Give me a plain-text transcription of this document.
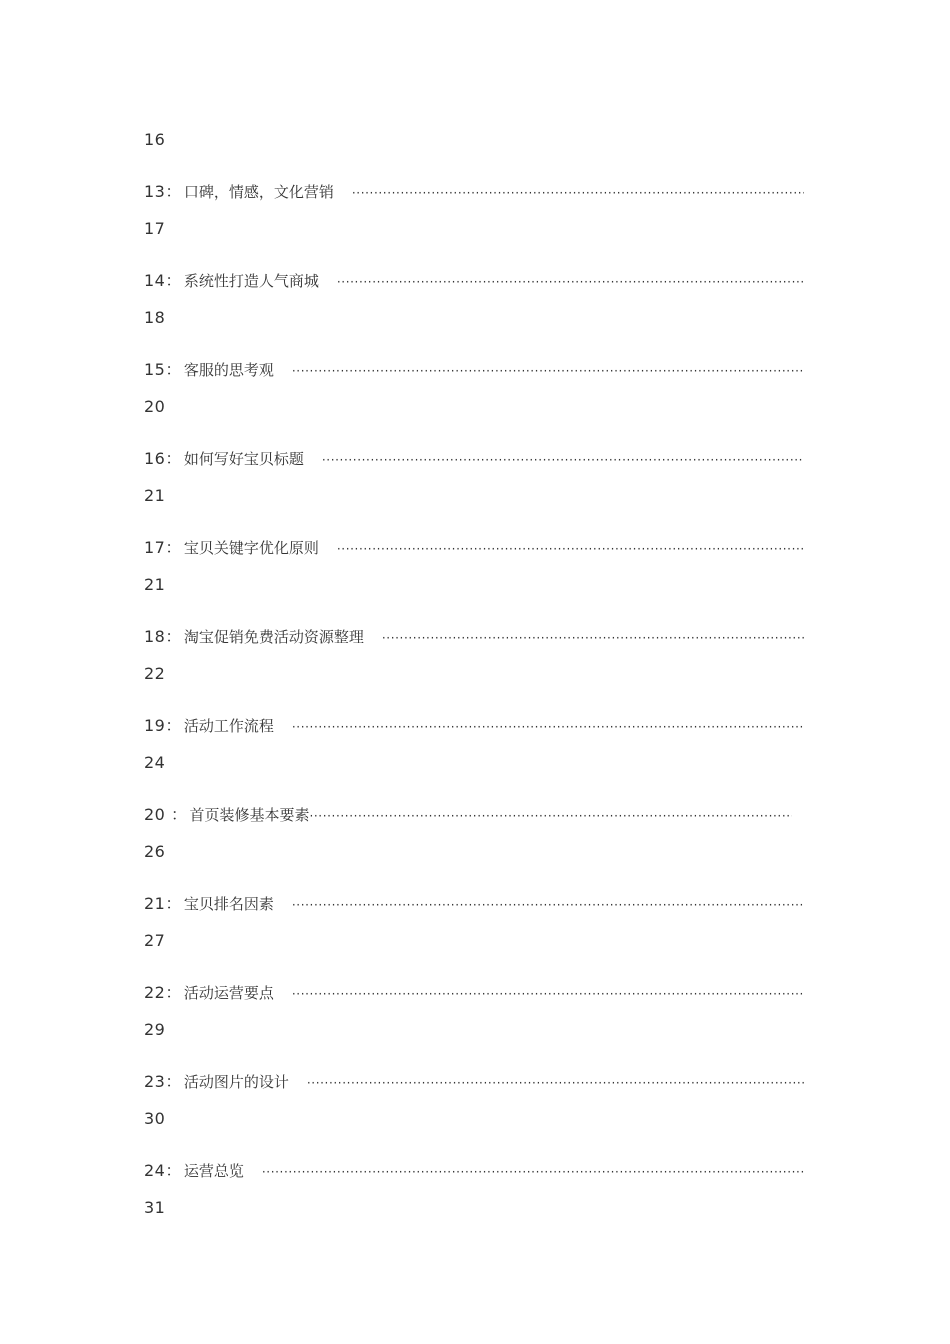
16
13： 口碑，情感，文化营销
·····
17
14： 系统性打造人气商城
·····
18
15： 客服的思考观
·····
20
16： 如何写好宝贝标题
·····
21
17： 宝贝关键字优化原则
·····
21
18： 淘宝促销免费活动资源整理
·····
22
19： 活动工作流程
·····
24
20 ： 首页装修基本要素
·····
26
21： 宝贝排名因素
·····
27
22： 活动运营要点
·····
29
23： 活动图片的设计
·····
30
24： 运营总览
·····
31
